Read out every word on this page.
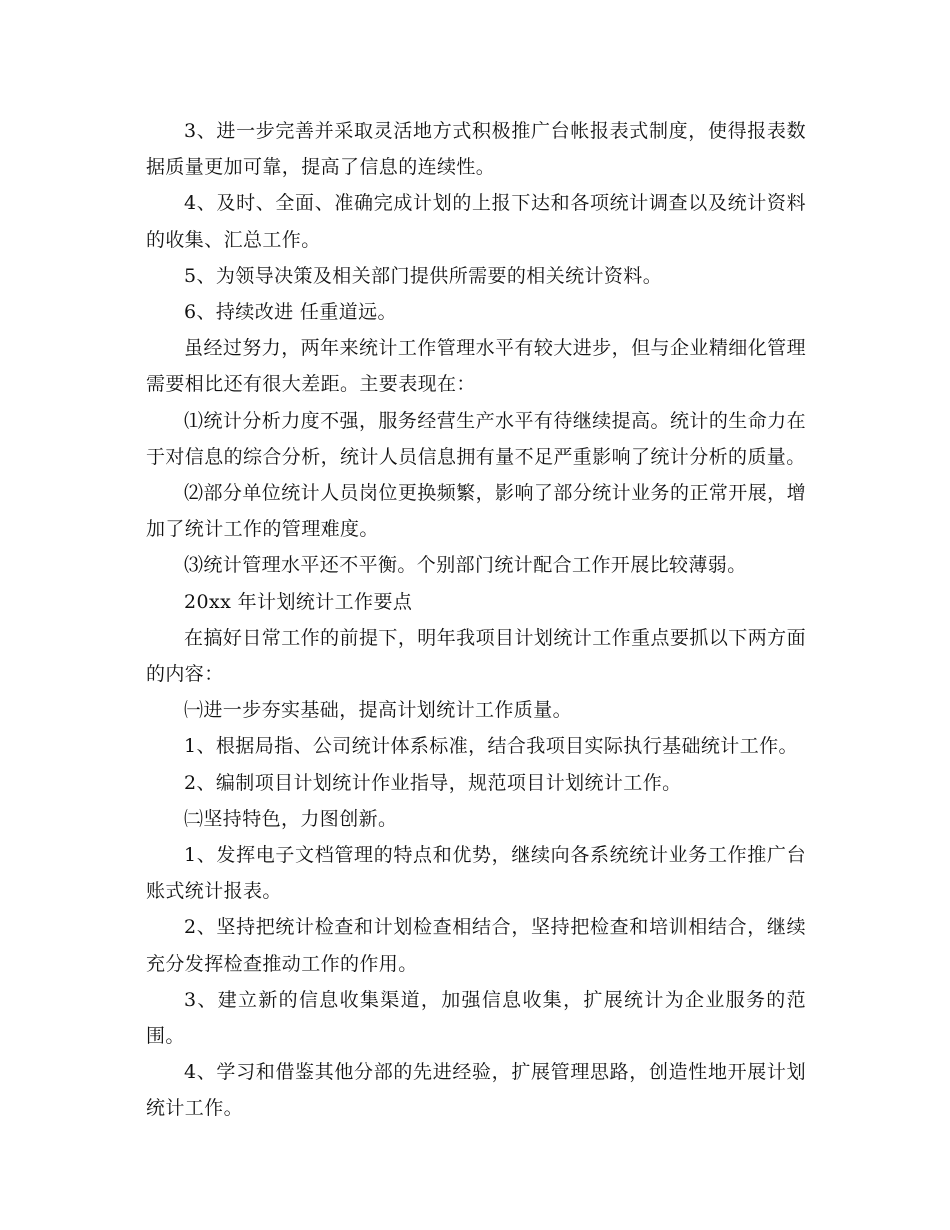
3、进一步完善并采取灵活地方式积极推广台帐报表式制度，使得报表数据质量更加可靠，提高了信息的连续性。

4、及时、全面、准确完成计划的上报下达和各项统计调查以及统计资料的收集、汇总工作。

5、为领导决策及相关部门提供所需要的相关统计资料。

6、持续改进 任重道远。

虽经过努力，两年来统计工作管理水平有较大进步，但与企业精细化管理需要相比还有很大差距。主要表现在：

⑴统计分析力度不强，服务经营生产水平有待继续提高。统计的生命力在于对信息的综合分析，统计人员信息拥有量不足严重影响了统计分析的质量。

⑵部分单位统计人员岗位更换频繁，影响了部分统计业务的正常开展，增加了统计工作的管理难度。

⑶统计管理水平还不平衡。个别部门统计配合工作开展比较薄弱。

20xx 年计划统计工作要点

在搞好日常工作的前提下，明年我项目计划统计工作重点要抓以下两方面的内容：

㈠进一步夯实基础，提高计划统计工作质量。

1、根据局指、公司统计体系标准，结合我项目实际执行基础统计工作。

2、编制项目计划统计作业指导，规范项目计划统计工作。

㈡坚持特色，力图创新。

1、发挥电子文档管理的特点和优势，继续向各系统统计业务工作推广台账式统计报表。

2、坚持把统计检查和计划检查相结合，坚持把检查和培训相结合，继续充分发挥检查推动工作的作用。

3、建立新的信息收集渠道，加强信息收集，扩展统计为企业服务的范围。

4、学习和借鉴其他分部的先进经验，扩展管理思路，创造性地开展计划统计工作。
